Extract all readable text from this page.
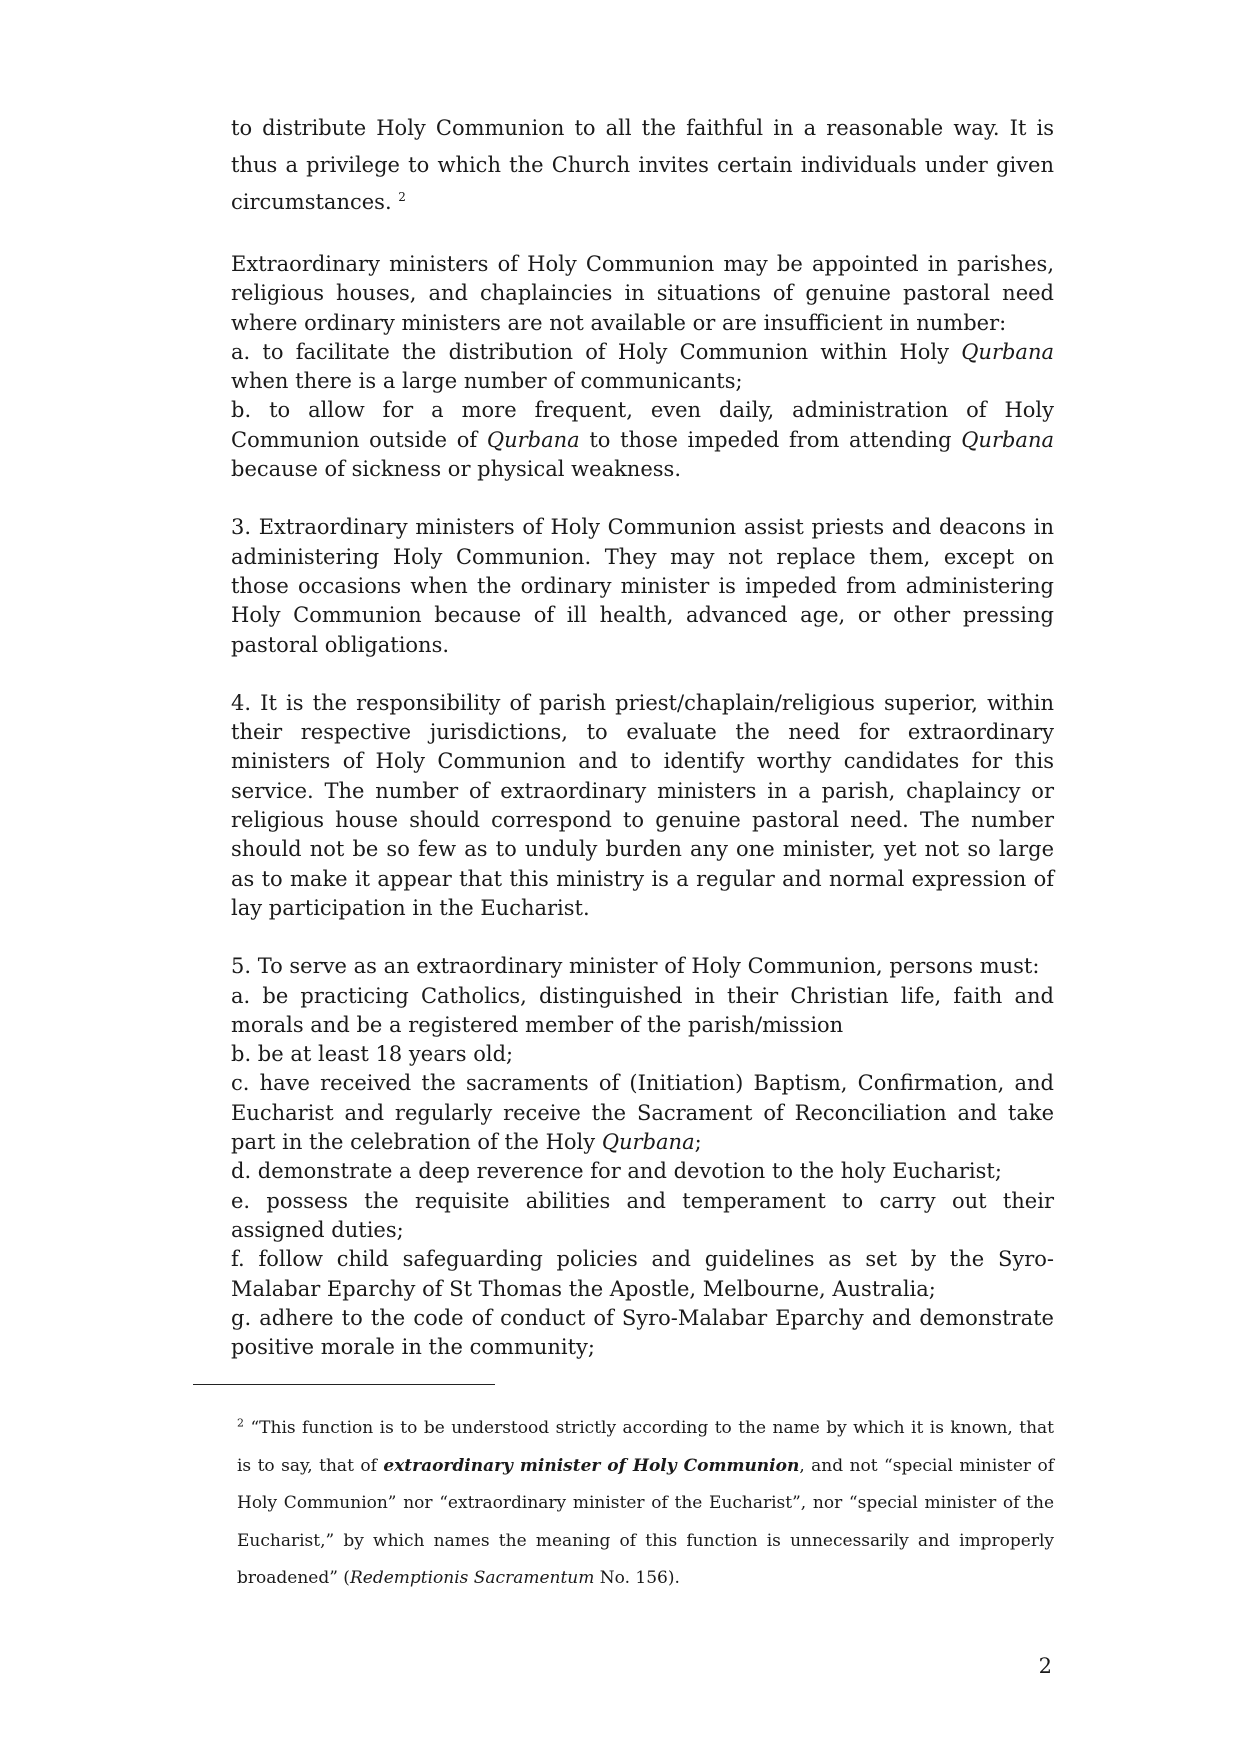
to distribute Holy Communion to all the faithful in a reasonable way. It is thus a privilege to which the Church invites certain individuals under given circumstances. $^2$

Extraordinary ministers of Holy Communion may be appointed in parishes, religious houses, and chaplaincies in situations of genuine pastoral need where ordinary ministers are not available or are insufficient in number:

a. to facilitate the distribution of Holy Communion within Holy Qurbana when there is a large number of communicants;

b. to allow for a more frequent, even daily, administration of Holy Communion outside of Qurbana to those impeded from attending Qurbana because of sickness or physical weakness.

3. Extraordinary ministers of Holy Communion assist priests and deacons in administering Holy Communion. They may not replace them, except on those occasions when the ordinary minister is impeded from administering Holy Communion because of ill health, advanced age, or other pressing pastoral obligations.

4. It is the responsibility of parish priest/chaplain/religious superior, within their respective jurisdictions, to evaluate the need for extraordinary ministers of Holy Communion and to identify worthy candidates for this service. The number of extraordinary ministers in a parish, chaplaincy or religious house should correspond to genuine pastoral need. The number should not be so few as to unduly burden any one minister, yet not so large as to make it appear that this ministry is a regular and normal expression of lay participation in the Eucharist.

5. To serve as an extraordinary minister of Holy Communion, persons must:

a. be practicing Catholics, distinguished in their Christian life, faith and morals and be a registered member of the parish/mission

b. be at least 18 years old;

c. have received the sacraments of (Initiation) Baptism, Confirmation, and Eucharist and regularly receive the Sacrament of Reconciliation and take part in the celebration of the Holy Qurbana;

d. demonstrate a deep reverence for and devotion to the holy Eucharist;

e. possess the requisite abilities and temperament to carry out their assigned duties;

f. follow child safeguarding policies and guidelines as set by the Syro-Malabar Eparchy of St Thomas the Apostle, Melbourne, Australia;

g. adhere to the code of conduct of Syro-Malabar Eparchy and demonstrate positive morale in the community;

$^2$ “This function is to be understood strictly according to the name by which it is known, that is to say, that of extraordinary minister of Holy Communion, and not “special minister of Holy Communion” nor “extraordinary minister of the Eucharist”, nor “special minister of the Eucharist,” by which names the meaning of this function is unnecessarily and improperly broadened” (Redemptionis Sacramentum No. 156).
2
